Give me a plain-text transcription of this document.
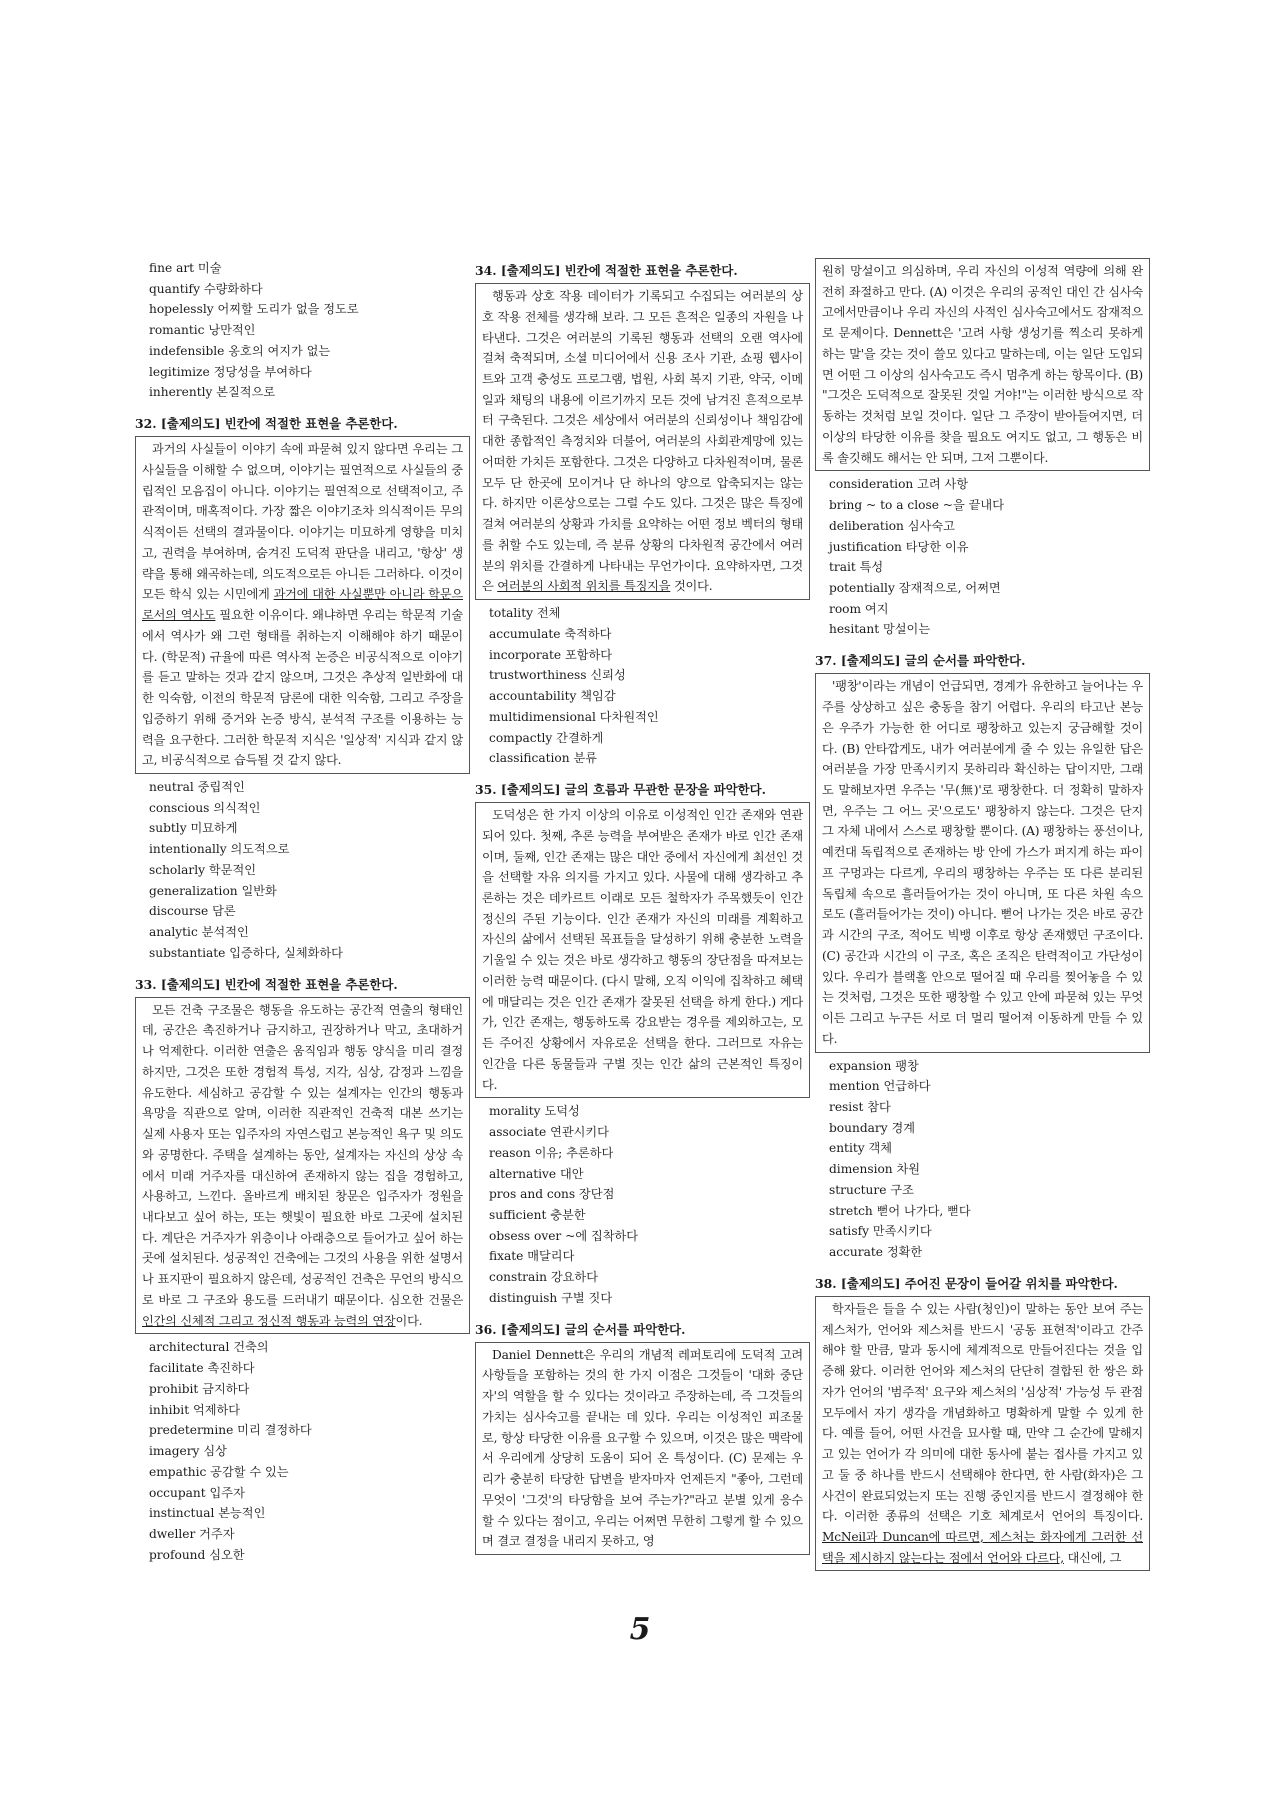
fine art 미술
quantify 수량화하다
hopelessly 어찌할 도리가 없을 정도로
romantic 낭만적인
indefensible 옹호의 여지가 없는
legitimize 정당성을 부여하다
inherently 본질적으로
32. [출제의도] 빈칸에 적절한 표현을 추론한다.

과거의 사실들이 이야기 속에 파묻혀 있지 않다면 우리는 그 사실들을 이해할 수 없으며, 이야기는 필연적으로 사실들의 중립적인 모음집이 아니다. 이야기는 필연적으로 선택적이고, 주관적이며, 매혹적이다. 가장 짧은 이야기조차 의식적이든 무의식적이든 선택의 결과물이다. 이야기는 미묘하게 영향을 미치고, 권력을 부여하며, 숨겨진 도덕적 판단을 내리고, '항상' 생략을 통해 왜곡하는데, 의도적으로든 아니든 그러하다. 이것이 모든 학식 있는 시민에게 과거에 대한 사실뿐만 아니라 학문으로서의 역사도 필요한 이유이다. 왜냐하면 우리는 학문적 기술에서 역사가 왜 그런 형태를 취하는지 이해해야 하기 때문이다. (학문적) 규율에 따른 역사적 논증은 비공식적으로 이야기를 듣고 말하는 것과 같지 않으며, 그것은 추상적 일반화에 대한 익숙함, 이전의 학문적 담론에 대한 익숙함, 그리고 주장을 입증하기 위해 증거와 논증 방식, 분석적 구조를 이용하는 능력을 요구한다. 그러한 학문적 지식은 '일상적' 지식과 같지 않고, 비공식적으로 습득될 것 같지 않다.

neutral 중립적인
conscious 의식적인
subtly 미묘하게
intentionally 의도적으로
scholarly 학문적인
generalization 일반화
discourse 담론
analytic 분석적인
substantiate 입증하다, 실체화하다
33. [출제의도] 빈칸에 적절한 표현을 추론한다.

모든 건축 구조물은 행동을 유도하는 공간적 연출의 형태인데, 공간은 촉진하거나 금지하고, 권장하거나 막고, 초대하거나 억제한다. 이러한 연출은 움직임과 행동 양식을 미리 결정하지만, 그것은 또한 경험적 특성, 지각, 심상, 감정과 느낌을 유도한다. 세심하고 공감할 수 있는 설계자는 인간의 행동과 욕망을 직관으로 알며, 이러한 직관적인 건축적 대본 쓰기는 실제 사용자 또는 입주자의 자연스럽고 본능적인 욕구 및 의도와 공명한다. 주택을 설계하는 동안, 설계자는 자신의 상상 속에서 미래 거주자를 대신하여 존재하지 않는 집을 경험하고, 사용하고, 느낀다. 올바르게 배치된 창문은 입주자가 정원을 내다보고 싶어 하는, 또는 햇빛이 필요한 바로 그곳에 설치된다. 계단은 거주자가 위층이나 아래층으로 들어가고 싶어 하는 곳에 설치된다. 성공적인 건축에는 그것의 사용을 위한 설명서나 표지판이 필요하지 않은데, 성공적인 건축은 무언의 방식으로 바로 그 구조와 용도를 드러내기 때문이다. 심오한 건물은 인간의 신체적 그리고 정신적 행동과 능력의 연장이다.

architectural 건축의
facilitate 촉진하다
prohibit 금지하다
inhibit 억제하다
predetermine 미리 결정하다
imagery 심상
empathic 공감할 수 있는
occupant 입주자
instinctual 본능적인
dweller 거주자
profound 심오한
34. [출제의도] 빈칸에 적절한 표현을 추론한다.

행동과 상호 작용 데이터가 기록되고 수집되는 여러분의 상호 작용 전체를 생각해 보라. 그 모든 흔적은 일종의 자원을 나타낸다. 그것은 여러분의 기록된 행동과 선택의 오랜 역사에 걸쳐 축적되며, 소셜 미디어에서 신용 조사 기관, 쇼핑 웹사이트와 고객 충성도 프로그램, 법원, 사회 복지 기관, 약국, 이메일과 채팅의 내용에 이르기까지 모든 것에 남겨진 흔적으로부터 구축된다. 그것은 세상에서 여러분의 신뢰성이나 책임감에 대한 종합적인 측정치와 더불어, 여러분의 사회관계망에 있는 어떠한 가치든 포함한다. 그것은 다양하고 다차원적이며, 물론 모두 단 한곳에 모이거나 단 하나의 양으로 압축되지는 않는다. 하지만 이론상으로는 그럴 수도 있다. 그것은 많은 특징에 걸쳐 여러분의 상황과 가치를 요약하는 어떤 정보 벡터의 형태를 취할 수도 있는데, 즉 분류 상황의 다차원적 공간에서 여러분의 위치를 간결하게 나타내는 무언가이다. 요약하자면, 그것은 여러분의 사회적 위치를 특징지을 것이다.

totality 전체
accumulate 축적하다
incorporate 포함하다
trustworthiness 신뢰성
accountability 책임감
multidimensional 다차원적인
compactly 간결하게
classification 분류
35. [출제의도] 글의 흐름과 무관한 문장을 파악한다.

도덕성은 한 가지 이상의 이유로 이성적인 인간 존재와 연관되어 있다. 첫째, 추론 능력을 부여받은 존재가 바로 인간 존재이며, 둘째, 인간 존재는 많은 대안 중에서 자신에게 최선인 것을 선택할 자유 의지를 가지고 있다. 사물에 대해 생각하고 추론하는 것은 데카르트 이래로 모든 철학자가 주목했듯이 인간 정신의 주된 기능이다. 인간 존재가 자신의 미래를 계획하고 자신의 삶에서 선택된 목표들을 달성하기 위해 충분한 노력을 기울일 수 있는 것은 바로 생각하고 행동의 장단점을 따져보는 이러한 능력 때문이다. (다시 말해, 오직 이익에 집착하고 혜택에 매달리는 것은 인간 존재가 잘못된 선택을 하게 한다.) 게다가, 인간 존재는, 행동하도록 강요받는 경우를 제외하고는, 모든 주어진 상황에서 자유로운 선택을 한다. 그러므로 자유는 인간을 다른 동물들과 구별 짓는 인간 삶의 근본적인 특징이다.

morality 도덕성
associate 연관시키다
reason 이유; 추론하다
alternative 대안
pros and cons 장단점
sufficient 충분한
obsess over ~에 집착하다
fixate 매달리다
constrain 강요하다
distinguish 구별 짓다
36. [출제의도] 글의 순서를 파악한다.

Daniel Dennett은 우리의 개념적 레퍼토리에 도덕적 고려 사항들을 포함하는 것의 한 가지 이점은 그것들이 '대화 중단자'의 역할을 할 수 있다는 것이라고 주장하는데, 즉 그것들의 가치는 심사숙고를 끝내는 데 있다. 우리는 이성적인 피조물로, 항상 타당한 이유를 요구할 수 있으며, 이것은 많은 맥락에서 우리에게 상당히 도움이 되어 온 특성이다. (C) 문제는 우리가 충분히 타당한 답변을 받자마자 언제든지 "좋아, 그런데 무엇이 '그것'의 타당함을 보여 주는가?"라고 분별 있게 응수할 수 있다는 점이고, 우리는 어쩌면 무한히 그렇게 할 수 있으며 결코 결정을 내리지 못하고, 영

원히 망설이고 의심하며, 우리 자신의 이성적 역량에 의해 완전히 좌절하고 만다. (A) 이것은 우리의 공적인 대인 간 심사숙고에서만큼이나 우리 자신의 사적인 심사숙고에서도 잠재적으로 문제이다. Dennett은 '고려 사항 생성기를 찍소리 못하게 하는 말'을 갖는 것이 쓸모 있다고 말하는데, 이는 일단 도입되면 어떤 그 이상의 심사숙고도 즉시 멈추게 하는 항목이다. (B) "그것은 도덕적으로 잘못된 것일 거야!"는 이러한 방식으로 작동하는 것처럼 보일 것이다. 일단 그 주장이 받아들여지면, 더 이상의 타당한 이유를 찾을 필요도 여지도 없고, 그 행동은 비록 솔깃해도 해서는 안 되며, 그저 그뿐이다.

consideration 고려 사항
bring ~ to a close ~을 끝내다
deliberation 심사숙고
justification 타당한 이유
trait 특성
potentially 잠재적으로, 어쩌면
room 여지
hesitant 망설이는
37. [출제의도] 글의 순서를 파악한다.

'팽창'이라는 개념이 언급되면, 경계가 유한하고 늘어나는 우주를 상상하고 싶은 충동을 참기 어렵다. 우리의 타고난 본능은 우주가 가능한 한 어디로 팽창하고 있는지 궁금해할 것이다. (B) 안타깝게도, 내가 여러분에게 줄 수 있는 유일한 답은 여러분을 가장 만족시키지 못하리라 확신하는 답이지만, 그래도 말해보자면 우주는 '무(無)'로 팽창한다. 더 정확히 말하자면, 우주는 그 어느 곳'으로도' 팽창하지 않는다. 그것은 단지 그 자체 내에서 스스로 팽창할 뿐이다. (A) 팽창하는 풍선이나, 예컨대 독립적으로 존재하는 방 안에 가스가 퍼지게 하는 파이프 구멍과는 다르게, 우리의 팽창하는 우주는 또 다른 분리된 독립체 속으로 흘러들어가는 것이 아니며, 또 다른 차원 속으로도 (흘러들어가는 것이) 아니다. 뻗어 나가는 것은 바로 공간과 시간의 구조, 적어도 빅뱅 이후로 항상 존재했던 구조이다. (C) 공간과 시간의 이 구조, 혹은 조직은 탄력적이고 가단성이 있다. 우리가 블랙홀 안으로 떨어질 때 우리를 찢어놓을 수 있는 것처럼, 그것은 또한 팽창할 수 있고 안에 파묻혀 있는 무엇이든 그리고 누구든 서로 더 멀리 떨어져 이동하게 만들 수 있다.

expansion 팽창
mention 언급하다
resist 참다
boundary 경계
entity 객체
dimension 차원
structure 구조
stretch 뻗어 나가다, 뻗다
satisfy 만족시키다
accurate 정확한
38. [출제의도] 주어진 문장이 들어갈 위치를 파악한다.

학자들은 들을 수 있는 사람(청인)이 말하는 동안 보여 주는 제스처가, 언어와 제스처를 반드시 '공동 표현적'이라고 간주해야 할 만큼, 말과 동시에 체계적으로 만들어진다는 것을 입증해 왔다. 이러한 언어와 제스처의 단단히 결합된 한 쌍은 화자가 언어의 '범주적' 요구와 제스처의 '심상적' 가능성 두 관점 모두에서 자기 생각을 개념화하고 명확하게 말할 수 있게 한다. 예를 들어, 어떤 사건을 묘사할 때, 만약 그 순간에 말해지고 있는 언어가 각 의미에 대한 동사에 붙는 접사를 가지고 있고 둘 중 하나를 반드시 선택해야 한다면, 한 사람(화자)은 그 사건이 완료되었는지 또는 진행 중인지를 반드시 결정해야 한다. 이러한 종류의 선택은 기호 체계로서 언어의 특징이다. McNeil과 Duncan에 따르면, 제스처는 화자에게 그러한 선택을 제시하지 않는다는 점에서 언어와 다르다, 대신에, 그

5
